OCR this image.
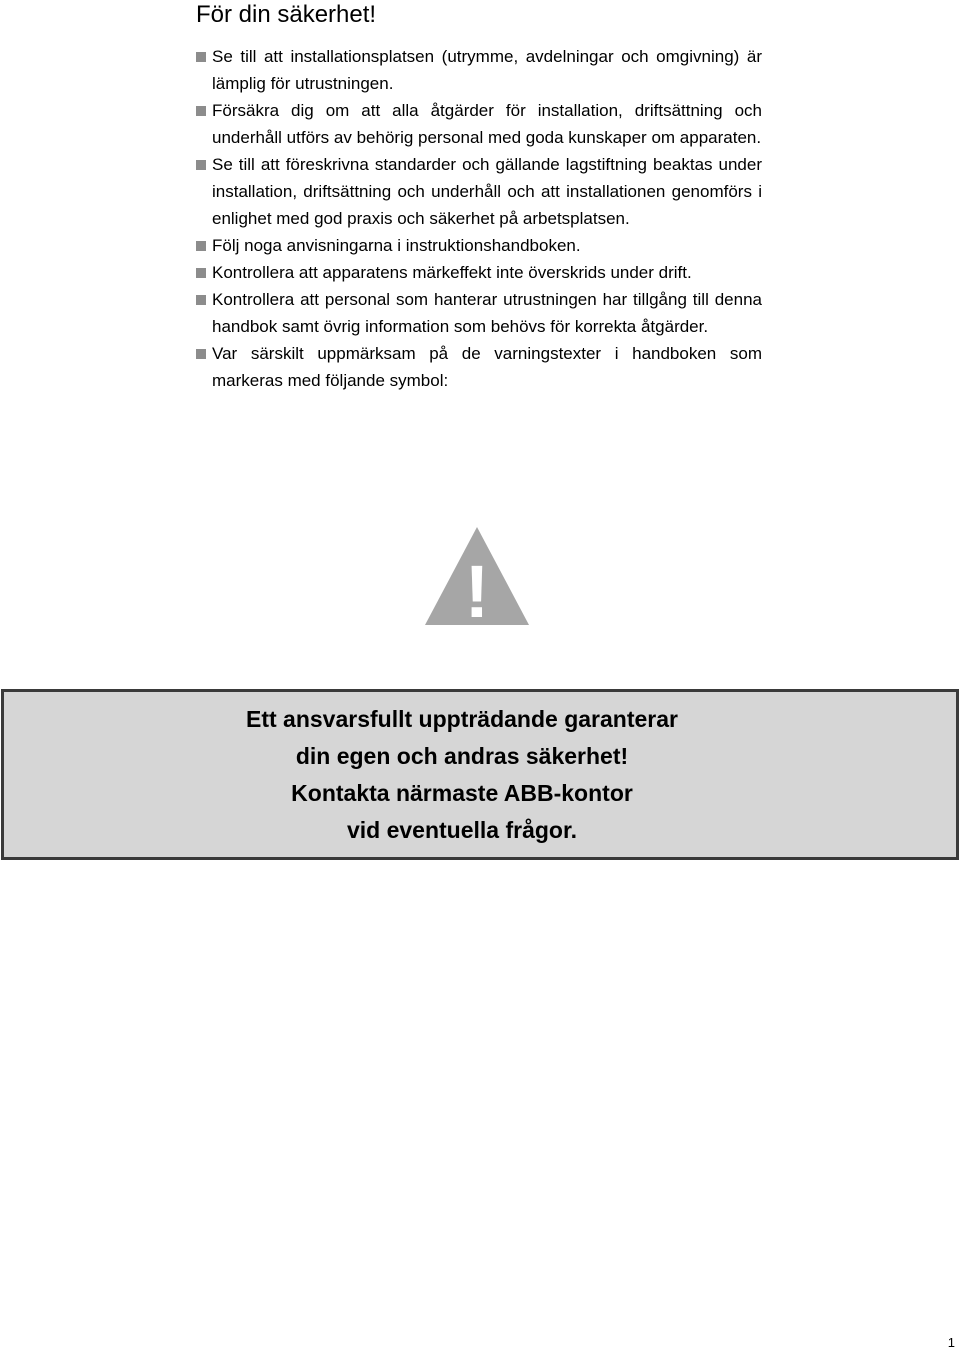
För din säkerhet!
Se till att installationsplatsen (utrymme, avdelningar och omgivning) är lämplig för utrustningen.
Försäkra dig om att alla åtgärder för installation, driftsättning och underhåll utförs av behörig personal med goda kunskaper om apparaten.
Se till att föreskrivna standarder och gällande lagstiftning beaktas under installation, driftsättning och underhåll och att installationen genomförs i enlighet med god praxis och säkerhet på arbetsplatsen.
Följ noga anvisningarna i instruktionshandboken.
Kontrollera att apparatens märkeffekt inte överskrids under drift.
Kontrollera att personal som hanterar utrustningen har tillgång till denna handbok samt övrig information som behövs för korrekta åtgärder.
Var särskilt uppmärksam på de varningstexter i handboken som markeras med följande symbol:
!
Ett ansvarsfullt uppträdande garanterar
din egen och andras säkerhet!
Kontakta närmaste ABB-kontor
vid eventuella frågor.
1
